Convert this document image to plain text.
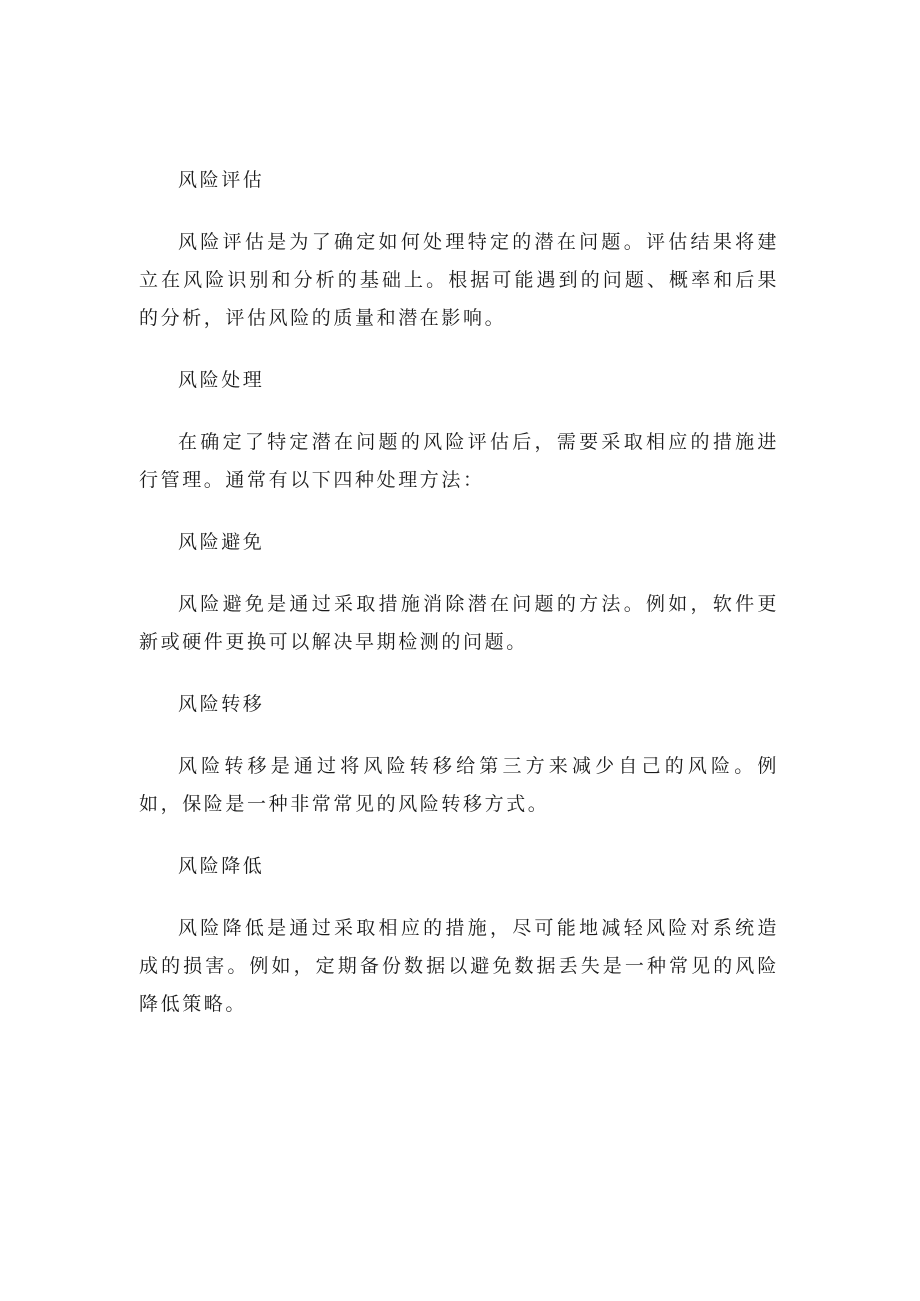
风险评估

风险评估是为了确定如何处理特定的潜在问题。评估结果将建立在风险识别和分析的基础上。根据可能遇到的问题、概率和后果的分析，评估风险的质量和潜在影响。

风险处理

在确定了特定潜在问题的风险评估后，需要采取相应的措施进行管理。通常有以下四种处理方法：

风险避免

风险避免是通过采取措施消除潜在问题的方法。例如，软件更新或硬件更换可以解决早期检测的问题。

风险转移

风险转移是通过将风险转移给第三方来减少自己的风险。例如，保险是一种非常常见的风险转移方式。

风险降低

风险降低是通过采取相应的措施，尽可能地减轻风险对系统造成的损害。例如，定期备份数据以避免数据丢失是一种常见的风险降低策略。
